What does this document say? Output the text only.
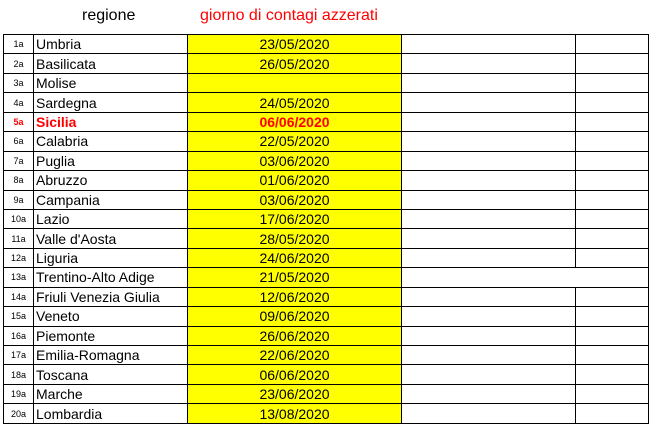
regione	giorno di contagi azzerati
1a	Umbria	23/05/2020		
2a	Basilicata	26/05/2020		
3a	Molise			
4a	Sardegna	24/05/2020		
5a	Sicilia	06/06/2020		
6a	Calabria	22/05/2020		
7a	Puglia	03/06/2020		
8a	Abruzzo	01/06/2020		
9a	Campania	03/06/2020		
10a	Lazio	17/06/2020		
11a	Valle d'Aosta	28/05/2020		
12a	Liguria	24/06/2020		
13a	Trentino-Alto Adige	21/05/2020		
14a	Friuli Venezia Giulia	12/06/2020		
15a	Veneto	09/06/2020		
16a	Piemonte	26/06/2020		
17a	Emilia-Romagna	22/06/2020		
18a	Toscana	06/06/2020		
19a	Marche	23/06/2020		
20a	Lombardia	13/08/2020		
